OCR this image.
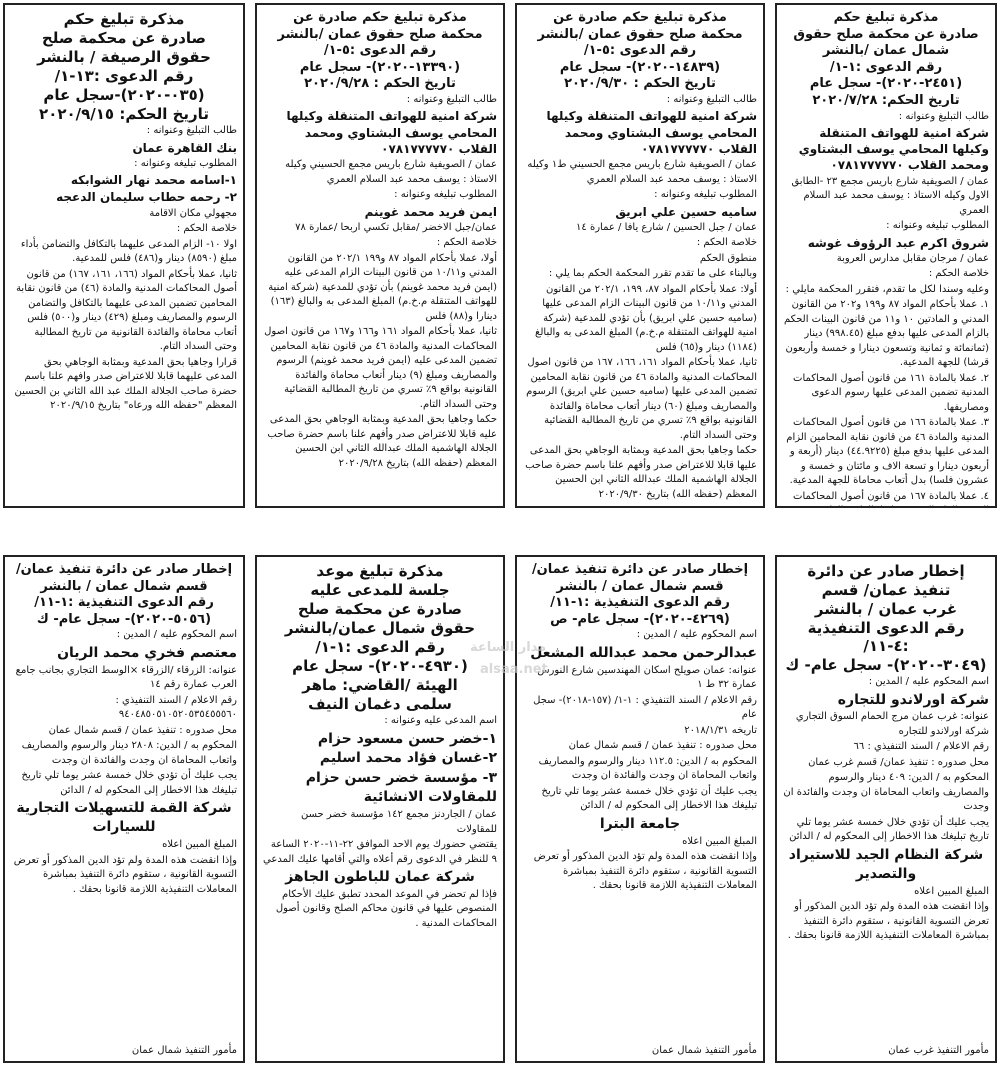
مذكرة تبليغ حكم

صادرة عن محكمة صلح

حقوق الرصيفة / بالنشر

رقم الدعوى :١٣-١/

(٠٣٥-٢٠٢٠)-سجل عام

تاريخ الحكم: ٢٠٢٠/٩/١٥

طالب التبليغ وعنوانه :

بنك القاهرة عمان

المطلوب تبليغه وعنوانه :

١-اسامه محمد نهار الشوابكه

٢- رحمه حطاب سليمان الدعجه

مجهولي مكان الاقامة

خلاصة الحكم :

اولا ١٠- الزام المدعى عليهما بالتكافل والتضامن بأداء مبلغ (٨٥٩٠) دينار و(٤٨٦) فلس للمدعية.

ثانيا، عملا بأحكام المواد (١٦٦، ١٦١، ١٦٧) من قانون أصول المحاكمات المدنية والمادة (٤٦) من قانون نقابة المحامين تضمين المدعى عليهما بالتكافل والتضامن الرسوم والمصاريف ومبلغ (٤٢٩) دينار و(٥٠٠) فلس أتعاب محاماة والفائدة القانونية من تاريخ المطالبة وحتى السداد التام.

قرارا وجاهيا بحق المدعية وبمثابة الوجاهي بحق المدعى عليهما قابلا للاعتراض صدر وافهم علنا باسم حضرة صاحب الجلالة الملك عبد الله الثاني بن الحسين المعظم "حفظه الله ورعاه" بتاريخ ٢٠٢٠/٩/١٥

مذكرة تبليغ حكم صادرة عن

محكمة صلح حقوق عمان /بالنشر

رقم الدعوى :٥-١/

(١٣٣٩٠-٢٠٢٠)- سجل عام

تاريخ الحكم : ٢٠٢٠/٩/٢٨

طالب التبليغ وعنوانه :

شركة امنية للهواتف المتنقلة وكيلها المحامي يوسف البشتاوي ومحمد القلاب ٠٧٨١٧٧٧٧٧٠

عمان / الصويفية شارع باريس مجمع الحسيني وكيله الاستاذ : يوسف محمد عبد السلام العمري

المطلوب تبليغه وعنوانه :

ايمن فريد محمد غوينم

عمان/جبل الاخضر /مقابل تكسي اربحا /عمارة ٧٨

خلاصة الحكم :

أولا، عملا بأحكام المواد ٨٧ و١٩٩ ٢٠٢/١ من القانون المدني و١٠/١١ من قانون البينات الزام المدعى عليه (ايمن فريد محمد غوينم) بأن تؤدي للمدعية (شركة امنية للهواتف المتنقلة م.خ.م) المبلغ المدعى به والبالغ (١٦٣) دينارا و(٨٨) فلس

ثانيا، عملا بأحكام المواد ١٦١ و١٦٦ و١٦٧ من قانون اصول المحاكمات المدنية والمادة ٤٦ من قانون نقابة المحامين تضمين المدعى عليه (ايمن فريد محمد غوينم) الرسوم والمصاريف ومبلغ (٩) دينار أتعاب محاماة والفائدة القانونية بواقع ٩٪ تسري من تاريخ المطالبة القضائية وحتى السداد التام.

حكما وجاهيا بحق المدعية وبمثابة الوجاهي بحق المدعى عليه قابلا للاعتراض صدر وأفهم علنا باسم حضرة صاحب الجلالة الهاشمية الملك عبدالله الثاني ابن الحسين المعظم (حفظه الله) بتاريخ ٢٠٢٠/٩/٢٨

مذكرة تبليغ حكم صادرة عن

محكمة صلح حقوق عمان /بالنشر

رقم الدعوى :٥-١/

(١٤٨٣٩-٢٠٢٠)- سجل عام

تاريخ الحكم : ٢٠٢٠/٩/٣٠

طالب التبليغ وعنوانه :

شركة امنية للهواتف المتنقلة وكيلها المحامي يوسف البشتاوي ومحمد القلاب ٠٧٨١٧٧٧٧٧٠

عمان / الصويفية شارع باريس مجمع الحسيني ط١ وكيله الاستاذ : يوسف محمد عبد السلام العمري

المطلوب تبليغه وعنوانه :

ساميه حسين علي ابريق

عمان / جبل الحسين / شارع يافا / عمارة ١٤

خلاصة الحكم :

منطوق الحكم

وبالبناء على ما تقدم تقرر المحكمة الحكم بما يلي :

أولا: عملا بأحكام المواد ٨٧، ١٩٩، ٢٠٢/١ من القانون المدني و١٠/١١ من قانون البينات الزام المدعى عليها (ساميه حسين علي ابريق) بأن تؤدي للمدعية (شركة امنية للهواتف المتنقلة م.خ.م) المبلغ المدعى به والبالغ (١١٨٤) دينار و(٦٥) فلس

ثانيا، عملا بأحكام المواد ١٦١، ١٦٦، ١٦٧ من قانون اصول المحاكمات المدنية والمادة ٤٦ من قانون نقابة المحامين تضمين المدعى عليها (ساميه حسين علي ابريق) الرسوم والمصاريف ومبلغ (٦٠) دينار أتعاب محاماة والفائدة القانونية بواقع ٩٪ تسري من تاريخ المطالبة القضائية وحتى السداد التام.

حكما وجاهيا بحق المدعية وبمثابة الوجاهي بحق المدعى عليها قابلا للاعتراض صدر وأفهم علنا باسم حضرة صاحب الجلالة الهاشمية الملك عبدالله الثاني ابن الحسين المعظم (حفظه الله) بتاريخ ٢٠٢٠/٩/٣٠

مذكرة تبليغ حكم

صادرة عن محكمة صلح حقوق

شمال عمان /بالنشر

رقم الدعوى :١-١/

(٢٤٥١-٢٠٢٠)- سجل عام

تاريخ الحكم: ٢٠٢٠/٧/٢٨

طالب التبليغ وعنوانه :

شركة امنية للهواتف المتنقلة وكيلها المحامي يوسف البشتاوي ومحمد القلاب ٠٧٨١٧٧٧٧٧٠

عمان / الصويفية شارع باريس مجمع ٢٣ -الطابق الاول وكيله الاستاذ : يوسف محمد عبد السلام العمري

المطلوب تبليغه وعنوانه :

شروق اكرم عبد الرؤوف غوشه

عمان / مرجان مقابل مدارس العروبة

خلاصة الحكم :

وعليه وسندا لكل ما تقدم، فتقرر المحكمة مايلي :

١. عملا بأحكام المواد ٨٧ و١٩٩ و٢٠٢ من القانون المدني و المادتين ١٠ و١١ من قانون البينات الحكم بالزام المدعى عليها بدفع مبلغ (٩٩٨.٤٥) دينار (ثمانمائة و ثمانية وتسعون دينارا و خمسة وأربعون قرشا) للجهة المدعية.

٢. عملا بالمادة ١٦١ من قانون أصول المحاكمات المدنية تضمين المدعى عليها رسوم الدعوى ومصاريفها.

٣. عملا بالمادة ١٦٦ من قانون أصول المحاكمات المدنية والمادة ٤٦ من قانون نقابة المحامين الزام المدعى عليها بدفع مبلغ (٤٤.٩٢٢٥) دينار (أربعة و أربعون دينارا و تسعة الاف و مائتان و خمسة و عشرون فلسا) بدل أتعاب محاماة للجهة المدعية.

٤. عملا بالمادة ١٦٧ من قانون أصول المحاكمات

إخطار صادر عن دائرة تنفيذ عمان/

قسم شمال عمان / بالنشر

رقم الدعوى التنفيذية :١-١١/

(٥٠٥٦-٢٠٢٠)- سجل عام- ك

اسم المحكوم عليه / المدين :

معتصم فخري محمد الريان

عنوانه: الزرقاء /الزرقاء ×الوسط التجاري بجانب جامع العرب عمارة رقم ١٤

رقم الاعلام / السند التنفيذي : ٩٤٠٤٨٥٠٥١٠٥٢٠٥٣٥٤٥٥٥٦٠

محل صدوره : تنفيذ عمان / قسم شمال عمان

المحكوم به / الدين: ٢٨٠٨ دينار والرسوم والمصاريف واتعاب المحاماة ان وجدت والفائدة ان وجدت

يجب عليك أن تؤدي خلال خمسة عشر يوما تلي تاريخ تبليغك هذا الاخطار إلى المحكوم له / الدائن

شركة القمة للتسهيلات التجارية للسيارات

المبلغ المبين اعلاه

وإذا انقضت هذه المدة ولم تؤد الدين المذكور أو تعرض التسوية القانونية ، ستقوم دائرة التنفيذ بمباشرة المعاملات التنفيذية اللازمة قانونا بحقك .

مأمور التنفيذ شمال عمان

مذكرة تبليغ موعد

جلسة للمدعى عليه

صادرة عن محكمة صلح

حقوق شمال عمان/بالنشر

رقم الدعوى :١-١/

(٤٩٣٠-٢٠٢٠)- سجل عام

الهيئة /القاضي: ماهر

سلمى دغمان النيف

اسم المدعى عليه وعنوانه :

١-خضر حسن مسعود حزام

٢-غسان فؤاد محمد اسليم

٣- مؤسسة خضر حسن حزام للمقاولات الانشائية

عمان / الجاردنز مجمع ١٤٢ مؤسسة خضر حسن للمقاولات

يقتضي حضورك يوم الاحد الموافق ٢٢-١١-٢٠٢٠ الساعة ٩ للنظر في الدعوى رقم أعلاه والتي أقامها عليك المدعي

شركة عمان للباطون الجاهز

فإذا لم تحضر في الموعد المحدد تطبق عليك الأحكام المنصوص عليها في قانون محاكم الصلح وقانون أصول المحاكمات المدنية .

إخطار صادر عن دائرة تنفيذ عمان/

قسم شمال عمان / بالنشر

رقم الدعوى التنفيذية :١-١١/

(٤٢٦٩-٢٠٢٠)- سجل عام- ص

اسم المحكوم عليه / المدين :

عبدالرحمن محمد عبدالله المشعل

عنوانه: عمان صويلح اسكان المهندسين شارع النورس عمارة ٣٢ ط ١

رقم الاعلام / السند التنفيذي : ١-١/ (١٥٧-٢٠١٨)- سجل عام

تاريخه ٢٠١٨/١/٣١

محل صدوره : تنفيذ عمان / قسم شمال عمان

المحكوم به / الدين: ١١٢.٥ دينار والرسوم والمصاريف واتعاب المحاماة ان وجدت والفائدة ان وجدت

يجب عليك أن تؤدي خلال خمسة عشر يوما تلي تاريخ تبليغك هذا الاخطار إلى المحكوم له / الدائن

جامعة البترا

المبلغ المبين اعلاه

وإذا انقضت هذه المدة ولم تؤد الدين المذكور أو تعرض التسوية القانونية ، ستقوم دائرة التنفيذ بمباشرة المعاملات التنفيذية اللازمة قانونا بحقك .

مأمور التنفيذ شمال عمان

إخطار صادر عن دائرة

تنفيذ عمان/ قسم

غرب عمان / بالنشر

رقم الدعوى التنفيذية :٤-١١/

(٣٠٤٩-٢٠٢٠)- سجل عام- ك

اسم المحكوم عليه / المدين :

شركة اورلاندو للتجاره

عنوانه: غرب عمان مرج الحمام السوق التجاري شركة اورلاندو للتجاره

رقم الاعلام / السند التنفيذي : ٦٦

محل صدوره : تنفيذ عمان/ قسم غرب عمان

المحكوم به / الدين: ٤٠٩ دينار والرسوم والمصاريف واتعاب المحاماة ان وجدت والفائدة ان وجدت

يجب عليك أن تؤدي خلال خمسة عشر يوما تلي تاريخ تبليغك هذا الاخطار إلى المحكوم له / الدائن

شركة النظام الجيد للاستيراد والتصدير

المبلغ المبين اعلاه

وإذا انقضت هذه المدة ولم تؤد الدين المذكور أو تعرض التسوية القانونية ، ستقوم دائرة التنفيذ بمباشرة المعاملات التنفيذية اللازمة قانونا بحقك .

مأمور التنفيذ غرب عمان

مدار الساعة
alsaa.net
